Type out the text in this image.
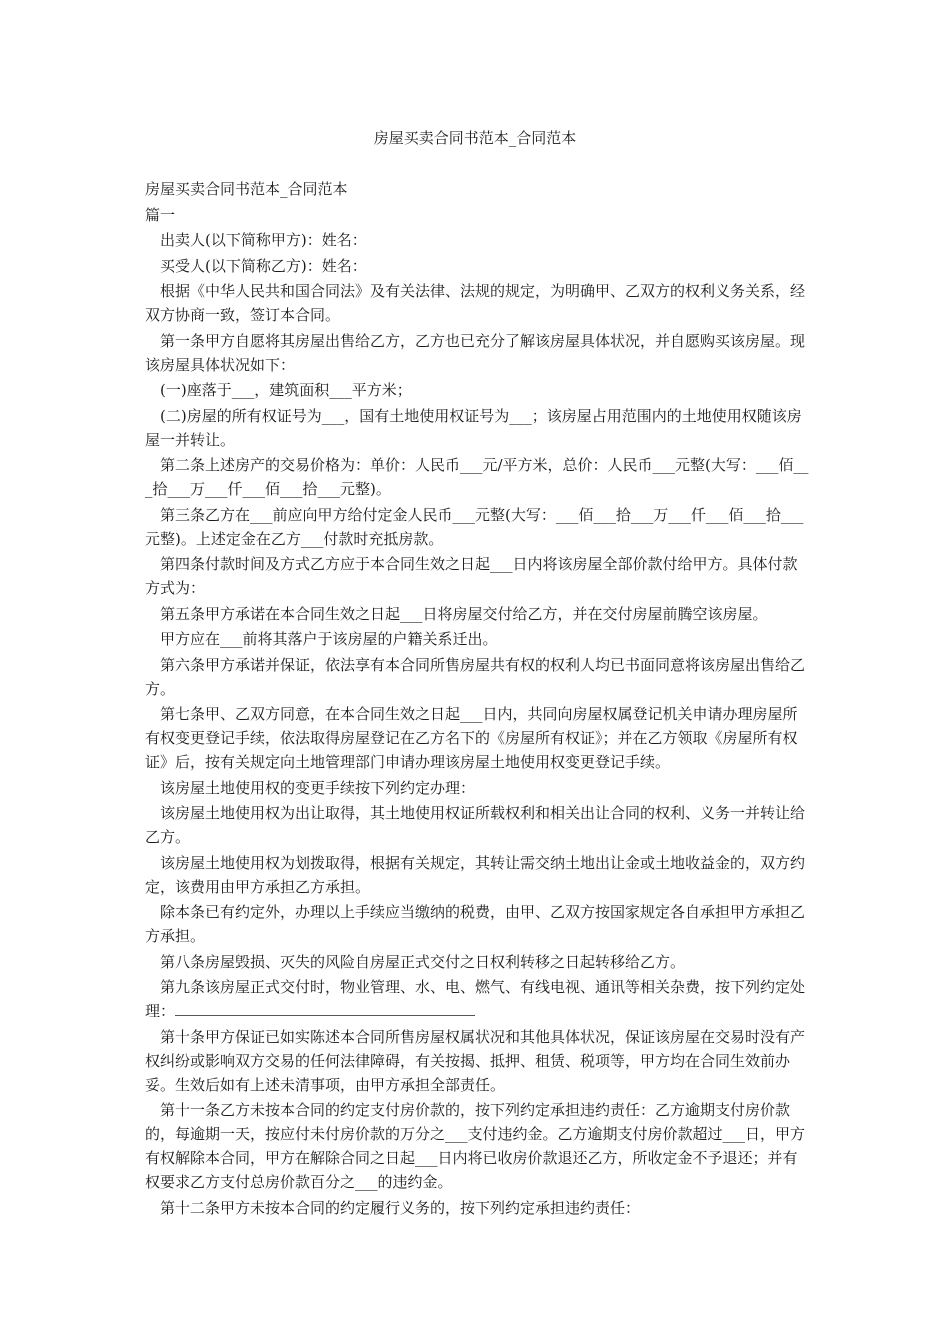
房屋买卖合同书范本_合同范本

房屋买卖合同书范本_合同范本

篇一

出卖人(以下简称甲方)：姓名：

买受人(以下简称乙方)：姓名：

根据《中华人民共和国合同法》及有关法律、法规的规定，为明确甲、乙双方的权利义务关系，经双方协商一致，签订本合同。

第一条甲方自愿将其房屋出售给乙方，乙方也已充分了解该房屋具体状况，并自愿购买该房屋。现该房屋具体状况如下：

(一)座落于___，建筑面积___平方米；

(二)房屋的所有权证号为___，国有土地使用权证号为___；该房屋占用范围内的土地使用权随该房屋一并转让。

第二条上述房产的交易价格为：单价：人民币___元/平方米，总价：人民币___元整(大写：___佰___拾___万___仟___佰___拾___元整)。

第三条乙方在___前应向甲方给付定金人民币___元整(大写：___佰___拾___万___仟___佰___拾___元整)。上述定金在乙方___付款时充抵房款。

第四条付款时间及方式乙方应于本合同生效之日起___日内将该房屋全部价款付给甲方。具体付款方式为：

第五条甲方承诺在本合同生效之日起___日将房屋交付给乙方，并在交付房屋前腾空该房屋。

甲方应在___前将其落户于该房屋的户籍关系迁出。

第六条甲方承诺并保证，依法享有本合同所售房屋共有权的权利人均已书面同意将该房屋出售给乙方。

第七条甲、乙双方同意，在本合同生效之日起___日内，共同向房屋权属登记机关申请办理房屋所有权变更登记手续，依法取得房屋登记在乙方名下的《房屋所有权证》；并在乙方领取《房屋所有权证》后，按有关规定向土地管理部门申请办理该房屋土地使用权变更登记手续。

该房屋土地使用权的变更手续按下列约定办理：

该房屋土地使用权为出让取得，其土地使用权证所载权利和相关出让合同的权利、义务一并转让给乙方。

该房屋土地使用权为划拨取得，根据有关规定，其转让需交纳土地出让金或土地收益金的，双方约定，该费用由甲方承担乙方承担。

除本条已有约定外，办理以上手续应当缴纳的税费，由甲、乙双方按国家规定各自承担甲方承担乙方承担。

第八条房屋毁损、灭失的风险自房屋正式交付之日权利转移之日起转移给乙方。

第九条该房屋正式交付时，物业管理、水、电、燃气、有线电视、通讯等相关杂费，按下列约定处理：

第十条甲方保证已如实陈述本合同所售房屋权属状况和其他具体状况，保证该房屋在交易时没有产权纠纷或影响双方交易的任何法律障碍，有关按揭、抵押、租赁、税项等，甲方均在合同生效前办妥。生效后如有上述未清事项，由甲方承担全部责任。

第十一条乙方未按本合同的约定支付房价款的，按下列约定承担违约责任：乙方逾期支付房价款的，每逾期一天，按应付未付房价款的万分之___支付违约金。乙方逾期支付房价款超过___日，甲方有权解除本合同，甲方在解除合同之日起___日内将已收房价款退还乙方，所收定金不予退还；并有权要求乙方支付总房价款百分之___的违约金。

第十二条甲方未按本合同的约定履行义务的，按下列约定承担违约责任：
